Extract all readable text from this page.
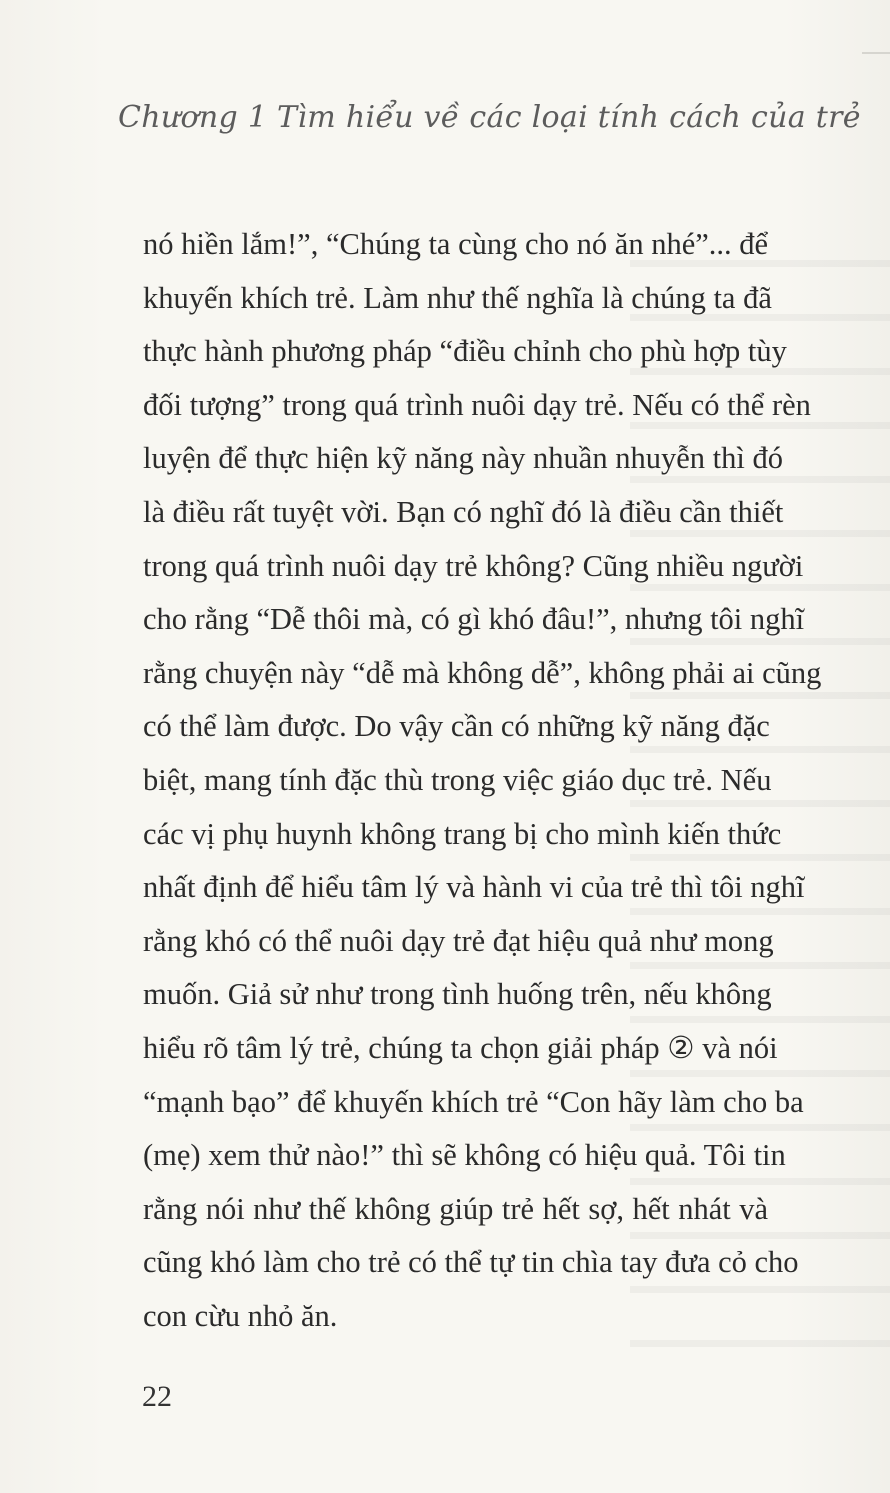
Chương 1 Tìm hiểu về các loại tính cách của trẻ
nó hiền lắm!”, “Chúng ta cùng cho nó ăn nhé”... để
khuyến khích trẻ. Làm như thế nghĩa là chúng ta đã
thực hành phương pháp “điều chỉnh cho phù hợp tùy
đối tượng” trong quá trình nuôi dạy trẻ. Nếu có thể rèn
luyện để thực hiện kỹ năng này nhuần nhuyễn thì đó
là điều rất tuyệt vời. Bạn có nghĩ đó là điều cần thiết
trong quá trình nuôi dạy trẻ không? Cũng nhiều người
cho rằng “Dễ thôi mà, có gì khó đâu!”, nhưng tôi nghĩ
rằng chuyện này “dễ mà không dễ”, không phải ai cũng
có thể làm được. Do vậy cần có những kỹ năng đặc
biệt, mang tính đặc thù trong việc giáo dục trẻ. Nếu
các vị phụ huynh không trang bị cho mình kiến thức
nhất định để hiểu tâm lý và hành vi của trẻ thì tôi nghĩ
rằng khó có thể nuôi dạy trẻ đạt hiệu quả như mong
muốn. Giả sử như trong tình huống trên, nếu không
hiểu rõ tâm lý trẻ, chúng ta chọn giải pháp ② và nói
“mạnh bạo” để khuyến khích trẻ “Con hãy làm cho ba
(mẹ) xem thử nào!” thì sẽ không có hiệu quả. Tôi tin
rằng nói như thế không giúp trẻ hết sợ, hết nhát và
cũng khó làm cho trẻ có thể tự tin chìa tay đưa cỏ cho
con cừu nhỏ ăn.
22
